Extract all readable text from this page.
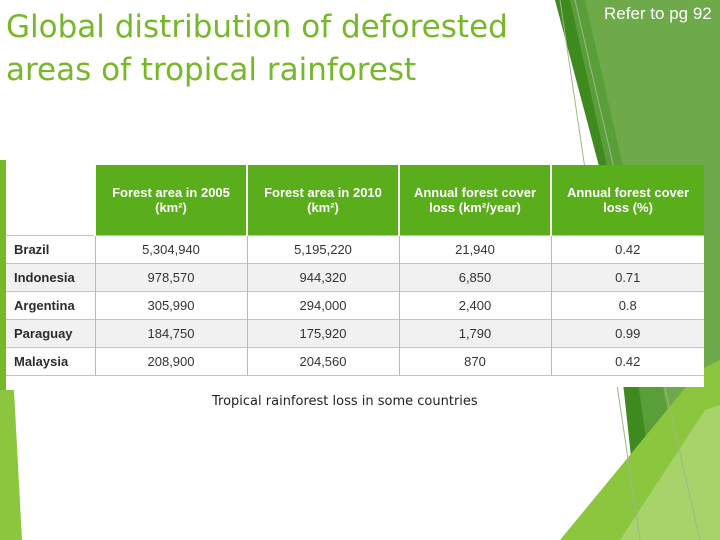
Global distribution of deforested
areas of tropical rainforest
Refer to pg 92
	Forest area in 2005 (km²)	Forest area in 2010 (km²)	Annual forest cover loss (km²/year)	Annual forest cover loss (%)
Brazil	5,304,940	5,195,220	21,940	0.42
Indonesia	978,570	944,320	6,850	0.71
Argentina	305,990	294,000	2,400	0.8
Paraguay	184,750	175,920	1,790	0.99
Malaysia	208,900	204,560	870	0.42
Tropical rainforest loss in some countries
